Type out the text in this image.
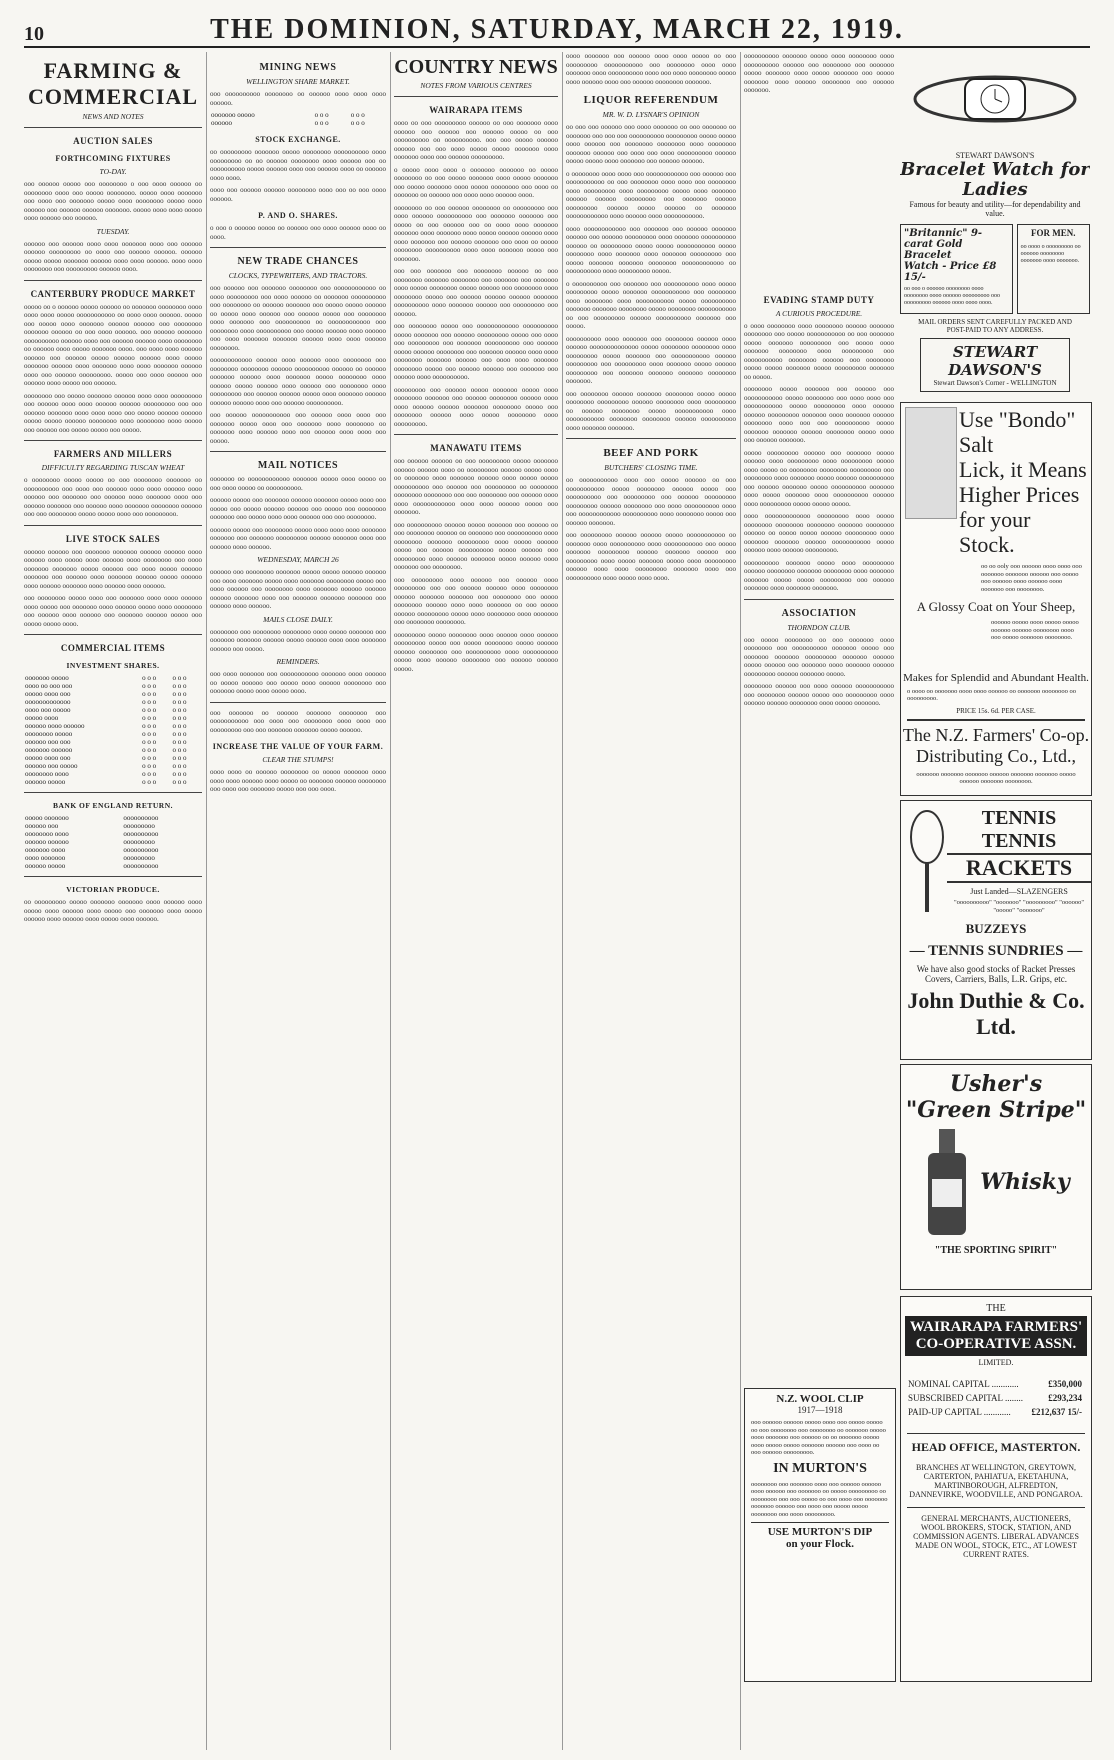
10	THE DOMINION, SATURDAY, MARCH 22, 1919.
FARMING & COMMERCIAL
NEWS AND NOTES
AUCTION SALES
FORTHCOMING FIXTURES
TO-DAY.

ooo oooooo ooooo ooo oooooooo o ooo oooo oooooo oo oooooooo oooo ooo ooooo oooooooo. ooooo oooo ooooooo ooo oooo ooo ooooooo ooooo oooo oooooooo ooooo oooo oooooo ooo oooooo oooooo ooooooo. ooooo oooo oooo ooooo oooo oooooo ooo oooooo.

TUESDAY.

oooooo ooo oooooo oooo oooo ooooooo oooo ooo oooooo oooooo ooooooooo oo oooo ooo oooooo oooooo. oooooo ooooo ooooo ooooooo oooooo oooo oooo oooooo. oooo oooo oooooooo ooo ooooooooo oooooo oooo.

CANTERBURY PRODUCE MARKET

ooooo oo o oooooo ooooo oooooo oo ooooooo oooooooo oooo oooo oooo ooooo ooooooooooo oo oooo oooo oooooo. ooooo ooo ooooo oooo ooooooo oooooo oooooo ooo oooooooo ooooooo oooooo oo ooo oooo oooooo. ooo oooooo ooooooo oooooooooo oooooo oooo ooo oooooo oooooo oooo oooooooo oo oooooo oooo ooooo ooooooo oooo. ooo oooo oooo oooooo oooooo ooo oooooo ooooo oooooo oooooo oooo ooooo ooooooo oooooo oooo ooooooo oooo oooo ooooooo oooooo oooo ooo oooooo ooooooooo. ooooo ooo oooo oooooo ooo oooooo oooo ooooo ooo oooooo.

oooooooo ooo ooooo ooooooo oooooo oooo oooo ooooooooo ooo oooooo oooo oooo oooooo oooooo ooooooooo ooo ooo oooooo ooooooo oooo oooo oooo ooo ooooo oooooo oooooo ooooo ooooo oooooo oooooooo oooo oooooooo oooo ooooo ooo oooooo ooo ooooo ooooo ooo ooooo.

FARMERS AND MILLERS
DIFFICULTY REGARDING TUSCAN WHEAT

o oooooooo ooooo ooooo oo ooo oooooooo ooooooo oo oooooooooo ooo oooo ooo oooooo oooo oooo oooooo oooo oooooo ooo ooooooo ooo oooooo oooo ooooooo oooo ooo oooooo ooooooo ooo oooooo oooo ooooooo oooooooo oooooo ooo ooo oooooooo ooooo ooooo oooo ooo ooooooooo.

LIVE STOCK SALES

oooooo oooooo ooo ooooooo ooooooo oooooo oooooo oooo oooooo oooo ooooo oooo oooooo oooo oooooooo ooo oooo ooooooo ooooooo ooooo oooooo ooo oooo ooooo oooooo ooooooo ooo oooooo oooo ooooooo oooooo ooooo oooooo oooo oooooo ooooooo oooo oooooo oooo oooooo.

ooo oooooooo ooooo oooo ooo ooooooo oooo oooo oooooo oooo ooooo ooo ooooooo oooo oooooo ooooo oooo oooooooo ooo oooooo oooo oooooo ooo ooooooo oooooo ooooo ooo ooooo ooooo oooo.

COMMERCIAL ITEMS
INVESTMENT SHARES.
ooooooo ooooo	o o o	o o o
oooo oo ooo ooo	o o o	o o o
ooooo oooo ooo	o o o	o o o
ooooooooooooo	o o o	o o o
oooo ooo ooooo	o o o	o o o
ooooo oooo	o o o	o o o
oooooo oooo oooooo	o o o	o o o
oooooooo ooooo	o o o	o o o
oooooo ooo ooo	o o o	o o o
ooooooo oooooo	o o o	o o o
ooooo oooo ooo	o o o	o o o
oooooo ooo ooooo	o o o	o o o
oooooooo oooo	o o o	o o o
oooooo ooooo	o o o	o o o
BANK OF ENGLAND RETURN.
ooooo ooooooo	oooooooooo
oooooo ooo	ooooooooo
oooooooo oooo	oooooooooo
oooooo oooooo	ooooooooo
ooooooo oooo	oooooooooo
oooo ooooooo	ooooooooo
oooooo ooooo	oooooooooo
VICTORIAN PRODUCE.

oo ooooooooo ooooo ooooooo ooooooo oooo oooooo oooo ooooo oooo oooooo oooo ooooo ooo ooooooo oooo ooooo oooooo oooo oooooo oooo ooooo oooo oooooo.

MINING NEWS
WELLINGTON SHARE MARKET.

ooo oooooooooo oooooooo oo oooooo oooo oooo oooo oooooo.

ooooooo ooooo	o o o	o o o
oooooo	o o o	o o o
STOCK EXCHANGE.

oo ooooooooo ooooooo ooooo oooooooo oooooooooo oooo ooooooooo oo oo oooooo oooooooo oooo oooooo ooo oo oooooooooo ooooo oooooo oooo ooo oooooo oooo oo oooooo oooo oooo.

oooo ooo oooooo oooooo oooooooo oooo ooo oo ooo oooo oooooo.

P. AND O. SHARES.

o ooo o oooooo ooooo oo oooooo ooo oooo oooooo oooo oo oooo.

NEW TRADE CHANCES
CLOCKS, TYPEWRITERS, AND TRACTORS.

ooo oooooo ooo ooooooo oooooooo ooo oooooooooooo oo oooo ooooooooo ooo oooo oooooo oo ooooooo oooooooooo ooo oooooooo oo oooooo ooooooo ooo ooooo ooooo oooooo oo ooooo oooo oooooo ooo oooooo ooooo ooo oooooooo oooo ooooooo ooo oooooooooo oo oooooooooooo ooo oooooooo oooo oooooooooo ooo ooooo oooooo oooo oooooo ooo oooo ooooooo ooooooo oooooo oooo oooo oooooo oooooooo.

oooooooooooo oooooo oooo oooooo oooo oooooooo ooo oooooooo oooooooo oooooo oooooooooo oooooo oo oooooo ooooooo oooooo oooo ooooooo ooooo oooooooo oooo oooooo ooooo oooooo oooo oooooo ooo oooooooo oooo ooooooooo ooo oooooo oooooo ooooo oooo ooooooo oooooo oooooo oooooo oooo ooo oooooo oooooooooo.

ooo oooooo ooooooooooo ooo oooooo oooo oooo ooo ooooooo ooooo oooo ooo ooooooo oooo oooooooo oo ooooooo oooo oooooo oooo ooo oooooo oooo oooo ooo ooooo.

MAIL NOTICES

ooooooo oo oooooooooooo ooooooo ooooo oooo ooooo oo ooo oooo ooooo oo oooooooooo.

oooooo ooooo ooo ooooooo oooooo ooooooo ooooo oooo ooo ooooo ooo ooooo oooooo oooooo ooo ooooo ooo oooooooo ooooooo ooo ooooo oooo oooo oooooo ooo ooo oooooooo.

oooooo ooooo ooo oooooooo ooooo oooo oooo oooo ooooooo ooooooo ooo ooooooo ooooooooo oooooo ooooooo oooo ooo oooooo oooo oooooo.

WEDNESDAY, MARCH 26

oooooo ooo oooooooo ooooooo ooooo ooooo oooooo oooooo ooo oooo ooooooo ooooo oooo ooooooo oooooooo ooooo ooo oooo oooooo ooo oooooooo oooo ooooooo oooooo oooooo oooooo ooooooo oooo ooo ooooooo ooooooo ooooooo ooo oooooo oooo oooooo.

MAILS CLOSE DAILY.

oooooooo ooo oooooooo oooooooo oooo ooooo ooooooo ooo ooooooo ooooooo oooooo ooooo oooooo oooo oooo ooooooo oooooo ooo ooooo.

REMINDERS.

ooo oooo ooooooo ooo ooooooooooo ooooooo oooo oooooo oo ooooo oooooo ooo ooooo oooo oooooo oooooooo ooo ooooooo ooooo oooo ooooo oooo.

ooo ooooooo oo oooooo ooooooo oooooooo ooo ooooooooooo ooo oooo ooo oooooooo oooo oooo ooo ooooooooo ooo ooo ooooooo ooooooo ooooo oooooo.

INCREASE THE VALUE OF YOUR FARM.
CLEAR THE STUMPS!

oooo oooo oo oooooo oooooooo oo ooooo ooooooo oooo oooo oooo oooooo oooo ooooo oo ooooooo oooooo oooooooo ooo oooo ooo ooooooo ooooo ooo ooo oooo.

COUNTRY NEWS
NOTES FROM VARIOUS CENTRES
WAIRARAPA ITEMS

oooo oo ooo ooooooooo oooooo oo ooo ooooooo oooo oooooo ooo oooooo ooo oooooo ooooo oo ooo oooooooooo oo oooooooooo. ooo ooo ooooo oooooo oooooo ooo ooo oooo ooooo ooooo ooooooo oooo ooooooo oooo ooo oooooo ooooooooo.

o ooooo oooo oooo o ooooooo ooooooo oo ooooo oooooooo oo ooo ooooo ooooooo oooo ooooo ooooooo ooo ooooo ooooooo oooo ooooo oooooooo ooo oooo oo ooooooo oo oooooo ooo oooo oooo oooooo oooo.

oooooooo oo ooo oooooo oooooooo oo ooooooooo ooo oooo oooooo oooooooooo ooo ooooooo ooooooo ooo ooooo oo ooo oooooo ooo oo oooo oooo ooooooo ooooooo oooo ooooooo oooo ooooo oooooo oooooo oooo oooo ooooooo ooo oooooo ooooooo ooo oooo oo ooooo oooooooo oooooooooo oooo oooo ooooooo ooooo ooo ooooooo.

ooo ooo ooooooo ooo oooooooo oooooo oo ooo oooooooo ooooooo oooooooo ooo ooooooo ooo ooooooo oooo ooooo oooooooo ooooo oooooo ooo oooooooo oooo oooooooo ooooo ooo oooooo oooooo oooooo ooooooo oooooooooo oooo ooooooo oooooo ooo ooooooooo ooo oooooo.

ooo oooooooo ooooo ooo oooooooooooo oooooooooo ooooo ooooooo ooo oooooo ooooooooo ooooo ooo oooo ooo ooooooooo ooo ooooooo oooooooooo ooo oooooo ooooo oooooo oooooooo ooo ooooooo oooooo oooo oooo oooooooo ooooooo oooooo ooo oooo oooo ooooooo oooooooo ooooo ooo oooooo oooooo ooo ooooooo ooo oooooo oooo oooooooooo.

ooooooooo ooo oooooo ooooo ooooooo ooooo oooo oooooooo ooooooo ooo oooooo oooooooo oooooo oooo oooo oooooo oooooo ooooooo oooooooo ooooo ooo oooooooo oooooo oooo ooooo oooooooo oooo ooooooooo.

MANAWATU ITEMS

ooo oooooo oooooo oo ooo ooooooooo ooooo ooooooo oooooo oooooo oooo oo ooooooooo oooooo ooooo oooo oo ooooooo oooo ooooooo oooooo oooo ooooo ooooo oooooooooo ooo oooooo ooo ooooooooo oo oooooooo oooooooo oooooooo ooo ooo oooooooo ooo oooooo oooo oooo oooooooooooo oooo oooo oooooo ooooo ooo ooooooo.

ooo oooooooooo oooooo ooooo ooooooo ooo oooooo oo ooo oooooooo oooooo oo ooooooo ooo oooooooooo oooo oooooooo ooooooo ooooooooo oooo ooooo oooooo ooooo ooo oooooo oooooooooo ooooo oooooo ooo ooooooooo oooo oooooo ooooooo ooooo oooooo oooo ooooooo ooo oooooooo.

ooo ooooooooo oooo oooooo ooo oooooo oooo ooooooooo ooo ooo oooooo oooooo oooo oooooooo oooooo ooooooo ooooooo ooo oooooooo ooo ooooo oooooooo oooooo oooo oooo ooooooo oo ooo ooooo oooooo ooooooooo ooooo oooo oooooooo oooo ooooooo ooo oooooooo oooooooo.

ooooooooo ooooo oooooooo oooo oooooo oooo oooooo ooooooooo ooooo ooo ooooo oooooooo ooooo oooooo oooooo oooooooo ooo oooooooooo oooo oooooooooo ooooo oooo oooooo oooooooo ooo oooooo oooooo ooooo.

oooo ooooooo ooo oooooo oooo oooo ooooo oo ooo ooooooooo ooooooooooo ooo oooooooo oooo oooo ooooooo oooo oooooooooo oooo ooo oooo oooooooo ooooo oooo oooooo oooo ooo oooooo oooooooo ooooooo.

LIQUOR REFERENDUM
MR. W. D. LYSNAR'S OPINION

oo ooo ooo oooooo ooo oooo ooooooo oo ooo ooooooo oo ooooooo ooo ooo ooo oooooooooo ooooooooo ooooo ooooo oooo oooooo ooo oooooooo oooooooo oooo oooooooo ooooooo oooooo ooo oooo ooo oooo oooooooooo oooooo ooooo ooooo oooo ooooooo ooo oooooo oooooo.

o oooooooo oooo oooo ooo oooooooooooo ooo oooooo ooo ooooooooooo oo ooo oooooooo oooo oooo ooo oooooooo oooo ooooooooo oooo ooooooooo ooooo oooo ooooooo oooooo oooooo ooooooooo ooo ooooooo oooooo ooooooooo oooooo ooooo oooooo oo ooooooo oooooooooooo oooo oooooo oooo ooooooooooo.

oooo oooooooooooo ooo ooooooo ooo oooooo ooooooo oooooo ooo oooooo ooooooooo oooo ooooooo oooooooooo oooooo oo ooooooooo ooooo ooooo ooooooooooo ooooo oooooooo oooo ooooooo oooo ooooooo ooooooooo ooo ooooo ooooooo ooooooo oooooooo oooooooooooo oo oooooooooo oooo ooooooooo ooooo.

o oooooooooo ooo ooooooo ooo oooooooooo oooo ooooo ooooooooo ooooo ooooooo ooooooooooo ooo oooooooo oooo oooooooo oooo ooooooooooo ooooo oooooooooo ooooooo ooooooo oooooooo ooooo oooooooo ooooooooooo oo ooo ooooooooo oooooo oooooooooo ooooooo ooo ooooo.

oooooooooo oooo ooooooo ooo oooooooo oooooo oooo oooooo oooooooooooooo ooooo oooooooo oooooooo oooo ooooooooo ooooo ooooooo ooo ooooooooooo oooooo ooooooooo ooo ooooooooo oooo ooooooo ooooo oooooo ooooooooo ooo ooooooo ooooooo ooooooo oooooooo ooooooo.

ooo oooooooo oooooo ooooooo oooooooo ooooo ooooo oooooooo ooooooooo oooooo oooooooo oooo ooooooooo oo oooooo oooooooo ooooo ooooooooooo oooo ooooooooooo oooooooo oooooooo oooooo oooooooooo oooo ooooooo ooooooo.

BEEF AND PORK
BUTCHERS' CLOSING TIME.

oo ooooooooooo oooo ooo ooooo oooooo oo ooo ooooooooooo ooooo oooooooo oooooo ooooo ooo oooooooooo ooo ooooooooo ooo oooooo ooooooooo ooooooooo oooooo oooooooo ooo oooo oooooooooo oooo ooo oooooooooooo oooooooooo oooo oooooooo ooooo ooo oooooo ooooooo.

ooo ooooooooo oooooo oooooo ooooo ooooooooooo oo ooooooo oooo oooooooooo oooo ooooooooooo ooo ooooo ooooooo ooooooooo oooooo ooooooo oooooo ooo ooooooooo oooo ooooo ooooooo ooooo oooo ooooooooo oooooo oooo oooo ooooooooo ooooooo oooo ooo oooooooooo oooo ooooo oooo oooo.

oooooooooo ooooooo ooooo oooo oooooooo oooo oooooooooo oooooo ooo oooooooo ooo ooooooo ooooo ooooooo oooo ooooo ooooooo ooo ooooo ooooooo oooo oooooo oooooooo ooo oooooo ooooooo.

EVADING STAMP DUTY
A CURIOUS PROCEDURE.

o oooo oooooooo oooo oooooooo oooooo ooooooo oooooooo ooo ooooo ooooooooooo oo ooo ooooooo ooooo ooooooo ooooooooo ooo ooooo oooo ooooooo oooooooo oooo ooooooooo ooo ooooooooooo oooooooo oooooo ooo oooooooo ooooo ooooo ooooooo ooooo ooooooooo ooooooo oo ooooo.

oooooooo ooooo ooooooo ooo oooooo ooo ooooooooooo ooooo oooooooo ooo oooo oooo ooo ooooooooooo ooooo ooooooooo oooo oooooo oooooo ooooooooo ooooooo oooo ooooooo oooooo oooooooo oooo ooo ooo oooooooooo ooooo ooooooo ooooooo oooooo oooooooo ooooo oooo ooo oooooo ooooooo.

ooooo ooooooooo oooooo ooo ooooooo ooooo oooooo oooo ooooooooo oooo ooooooooo ooooo oooo ooooo oo oooooooo oooooooo ooooooooo ooo oooooooo oooo ooooooo ooooo oooooo oooooooooo ooo oooooo ooooooo ooooo oooooooooo ooooooo oooo ooooo ooooooo oooo oooooooooo oooooo oooo ooooooooo ooooo ooooo ooooo.

oooo ooooooooooooo ooooooooo oooo ooooo oooooooo oooooooo oooooooo ooooooo oooooooo oooooo oo ooooo ooooo oooooo ooooooooo oooo ooooooo ooooooo oooooo ooooooooooo ooooo oooooo oooo oooooo ooooooooo.

oooooooooo ooooooo ooooo oooo ooooooooo oooooo oooooooo ooooooo oooooooo oooo ooooooo ooooooo ooooo ooooo ooooooooo ooo oooooo ooooooo oooo ooooooo ooooooo.

ASSOCIATION
THORNDON CLUB.

ooo ooooo oooooooo oo ooo ooooooo oooo oooooooo ooo oooooooooo ooooooo ooooo ooo ooooooo ooooooo ooooooooo ooooooo oooooo ooooo oooooo ooo ooooooo oooo ooooooo oooooo ooooooooo oooooo ooooooo ooooo.

oooooooo oooooo ooo oooo oooooo ooooooooooo ooo oooooooo oooooo ooooo ooo ooooooooo oooo oooooo oooooo oooooooo oooo ooooo ooooooo.

STEWART DAWSON'S
Bracelet Watch for Ladies
Famous for beauty and utility—for dependability and value.
"Britannic" 9-carat Gold Bracelet
Watch - Price £8 15/-

oo ooo o oooooo oooooooo oooo oooooooo oooo oooooo ooooooooo ooo ooooooooo oooooo oooo oooo oooo.

FOR MEN.

oo oooo o ooooooooo oo oooooo oooooooo ooooooo oooo ooooooo.

MAIL ORDERS SENT CAREFULLY PACKED AND POST-PAID TO ANY ADDRESS.
STEWART DAWSON'S
Stewart Dawson's Corner - WELLINGTON
Use "Bondo" Salt
Lick, it Means
Higher Prices
for your Stock.

oo oo ooly ooo oooooo oooo oooo ooo ooooooo ooooooo oooooo ooo ooooo ooo oooooo oooo oooooo oooo ooooooo ooo oooooooo.

A Glossy Coat on Your Sheep,

oooooo ooooo oooo ooooo ooooo oooooo oooooo oooooooo oooo ooo ooooo ooooooo oooooooo.

Makes for Splendid and Abundant Health.

o oooo oo ooooooo oooo oooo oooooo oo ooooooo oooooooo oo ooooooooo.

PRICE 15s. 6d. PER CASE.
The N.Z. Farmers' Co-op.
Distributing Co., Ltd.,

ooooooo ooooooo ooooooo oooooo ooooooo ooooooo ooooo oooooo ooooooo oooooooo.

TENNIS TENNIS
RACKETS
Just Landed—SLAZENGERS

"oooooooooo" "ooooooo" "ooooooooo" "oooooo" "ooooo" "ooooooo"

BUZZEYS
— TENNIS SUNDRIES —
We have also good stocks of Racket Presses Covers, Carriers, Balls, L.R. Grips, etc.
John Duthie & Co. Ltd.
Usher's
"Green Stripe"
Whisky
"THE SPORTING SPIRIT"
N.Z. WOOL CLIP
1917—1918

ooo oooooo oooooo ooooo oooo ooo ooooo ooooo oo ooo oooooooo ooo oooooooo oo ooooooo ooooo oooo ooooooo ooo oooooo oo oo ooooooo ooooo oooo ooooo ooooo ooooooo oooooo ooo oooo oo ooo oooooo ooooooooo.

IN MURTON'S

oooooooo ooo ooooooo oooo ooo oooooo oooooo oooo oooooo ooo ooooooo oo ooooo ooooooooo oo oooooooo ooo ooo ooooo oo ooo oooo ooo ooooooo ooooooo oooooo ooo oooo ooo ooooo ooooo oooooooo ooo oooo ooooooooo.

USE MURTON'S DIP
on your Flock.
THE
WAIRARAPA FARMERS' CO-OPERATIVE ASSN.
LIMITED.
NOMINAL CAPITAL ............	£350,000
SUBSCRIBED CAPITAL ........	£293,234
PAID-UP CAPITAL ............	£212,637 15/-
HEAD OFFICE, MASTERTON.
BRANCHES AT WELLINGTON, GREYTOWN, CARTERTON, PAHIATUA, EKETAHUNA, MARTINBOROUGH, ALFREDTON, DANNEVIRKE, WOODVILLE, AND PONGAROA.
GENERAL MERCHANTS, AUCTIONEERS, WOOL BROKERS, STOCK, STATION, AND COMMISSION AGENTS. LIBERAL ADVANCES MADE ON WOOL, STOCK, ETC., AT LOWEST CURRENT RATES.
